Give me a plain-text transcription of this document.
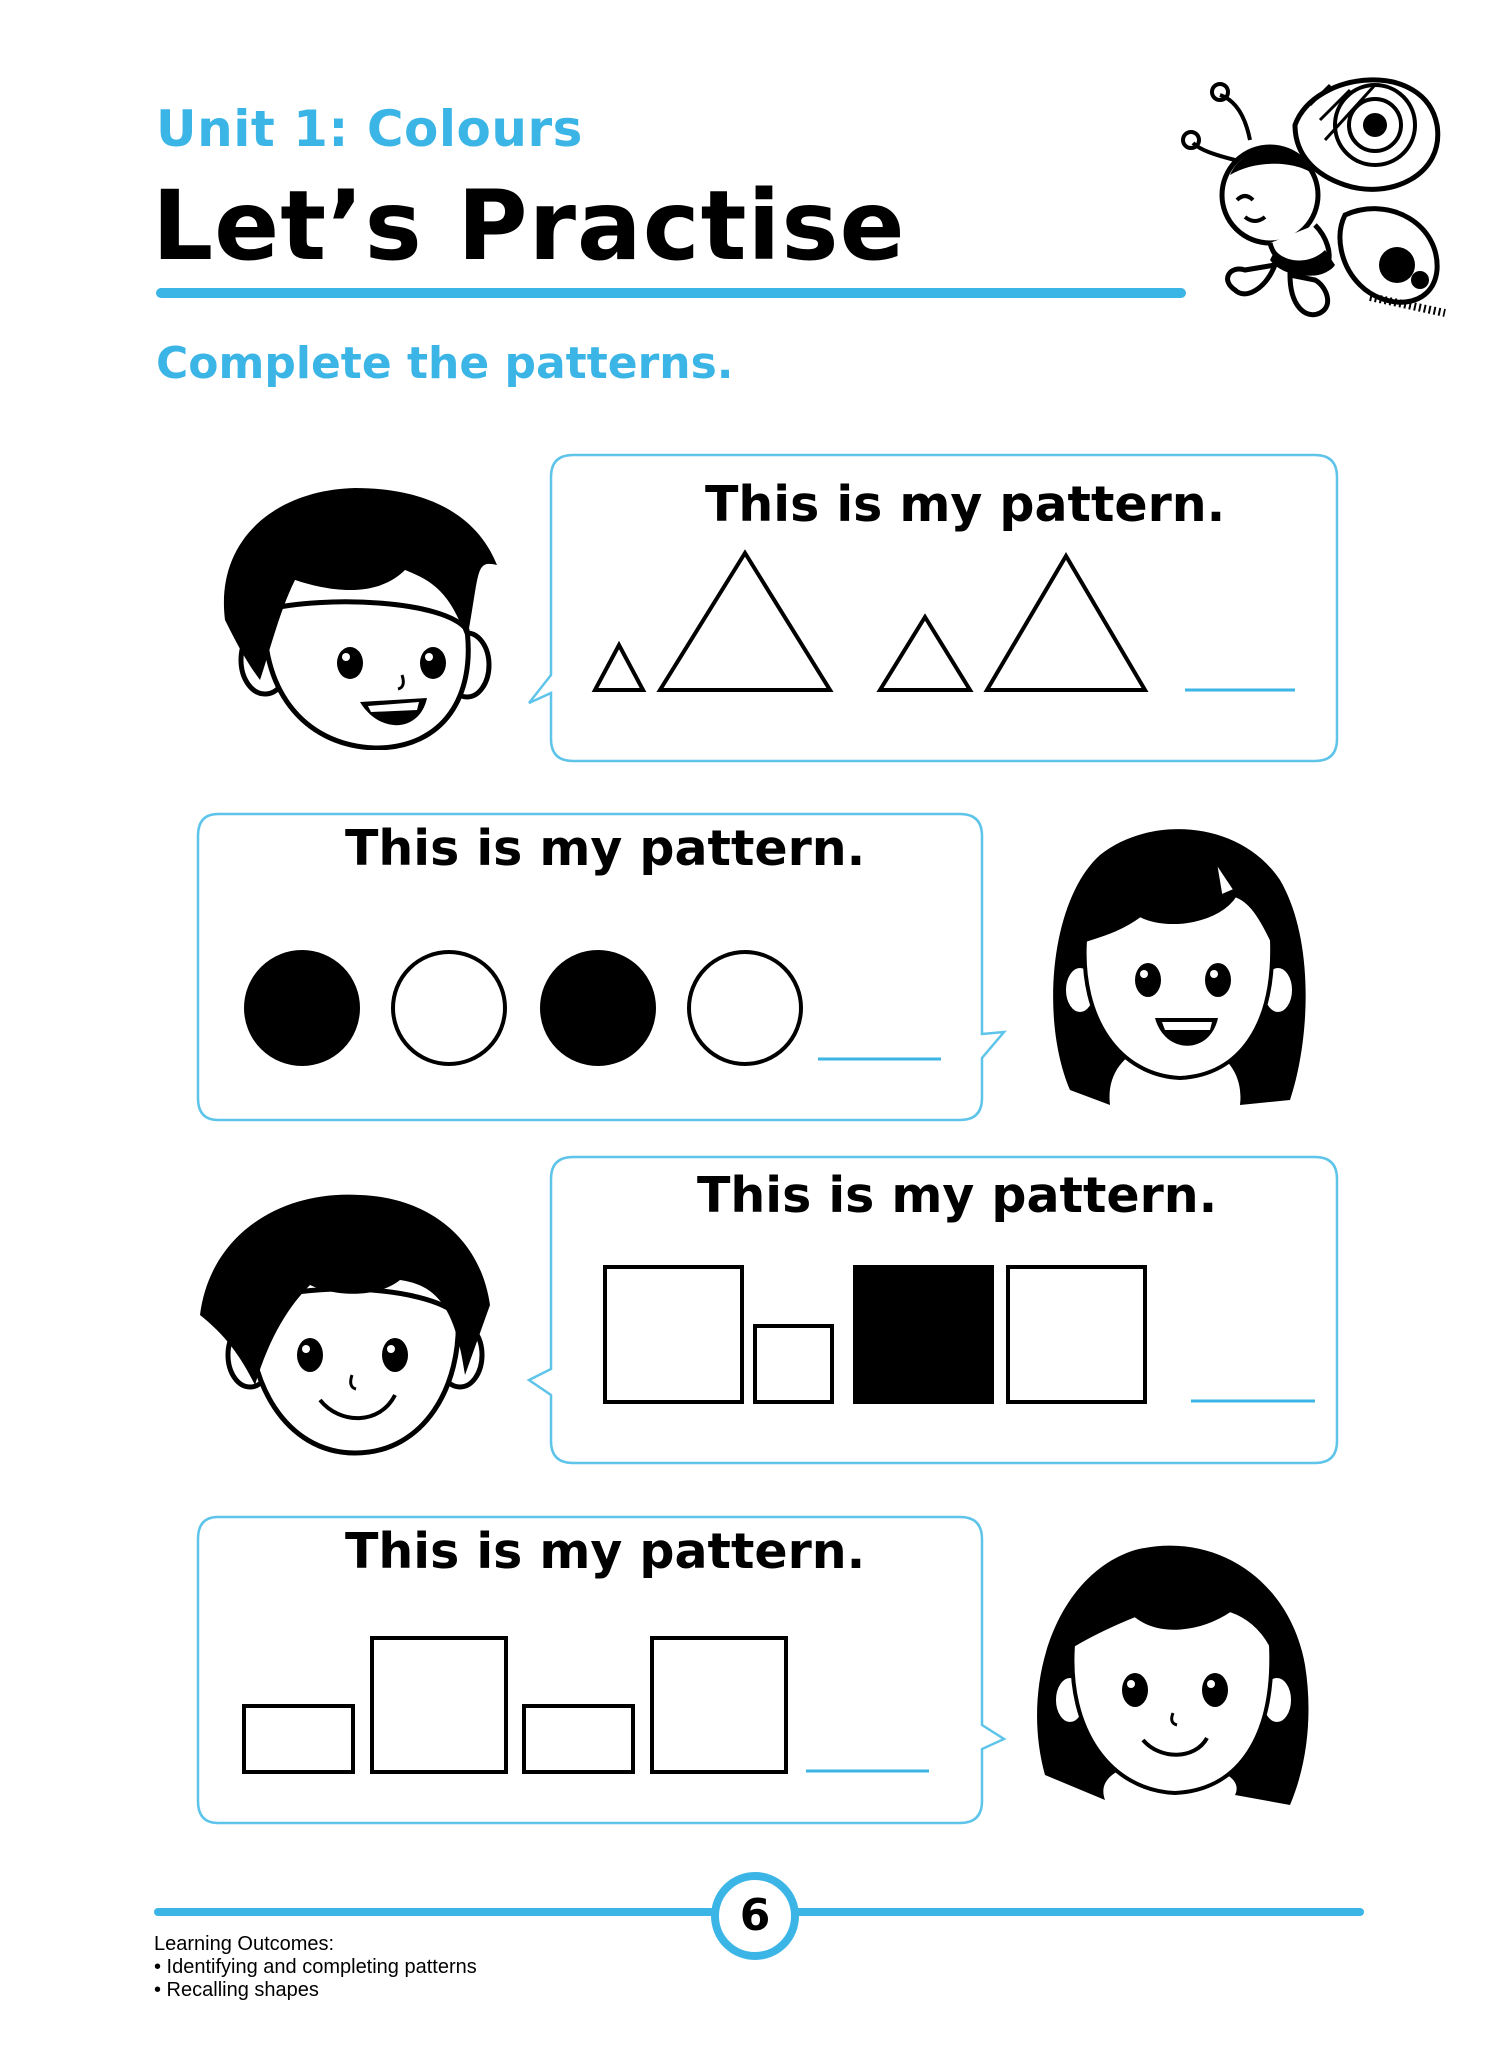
Unit 1: Colours
Let’s Practise
Complete the patterns.
This is my pattern.
This is my pattern.
This is my pattern.
This is my pattern.
6
Learning Outcomes:
• Identifying and completing patterns
• Recalling shapes
